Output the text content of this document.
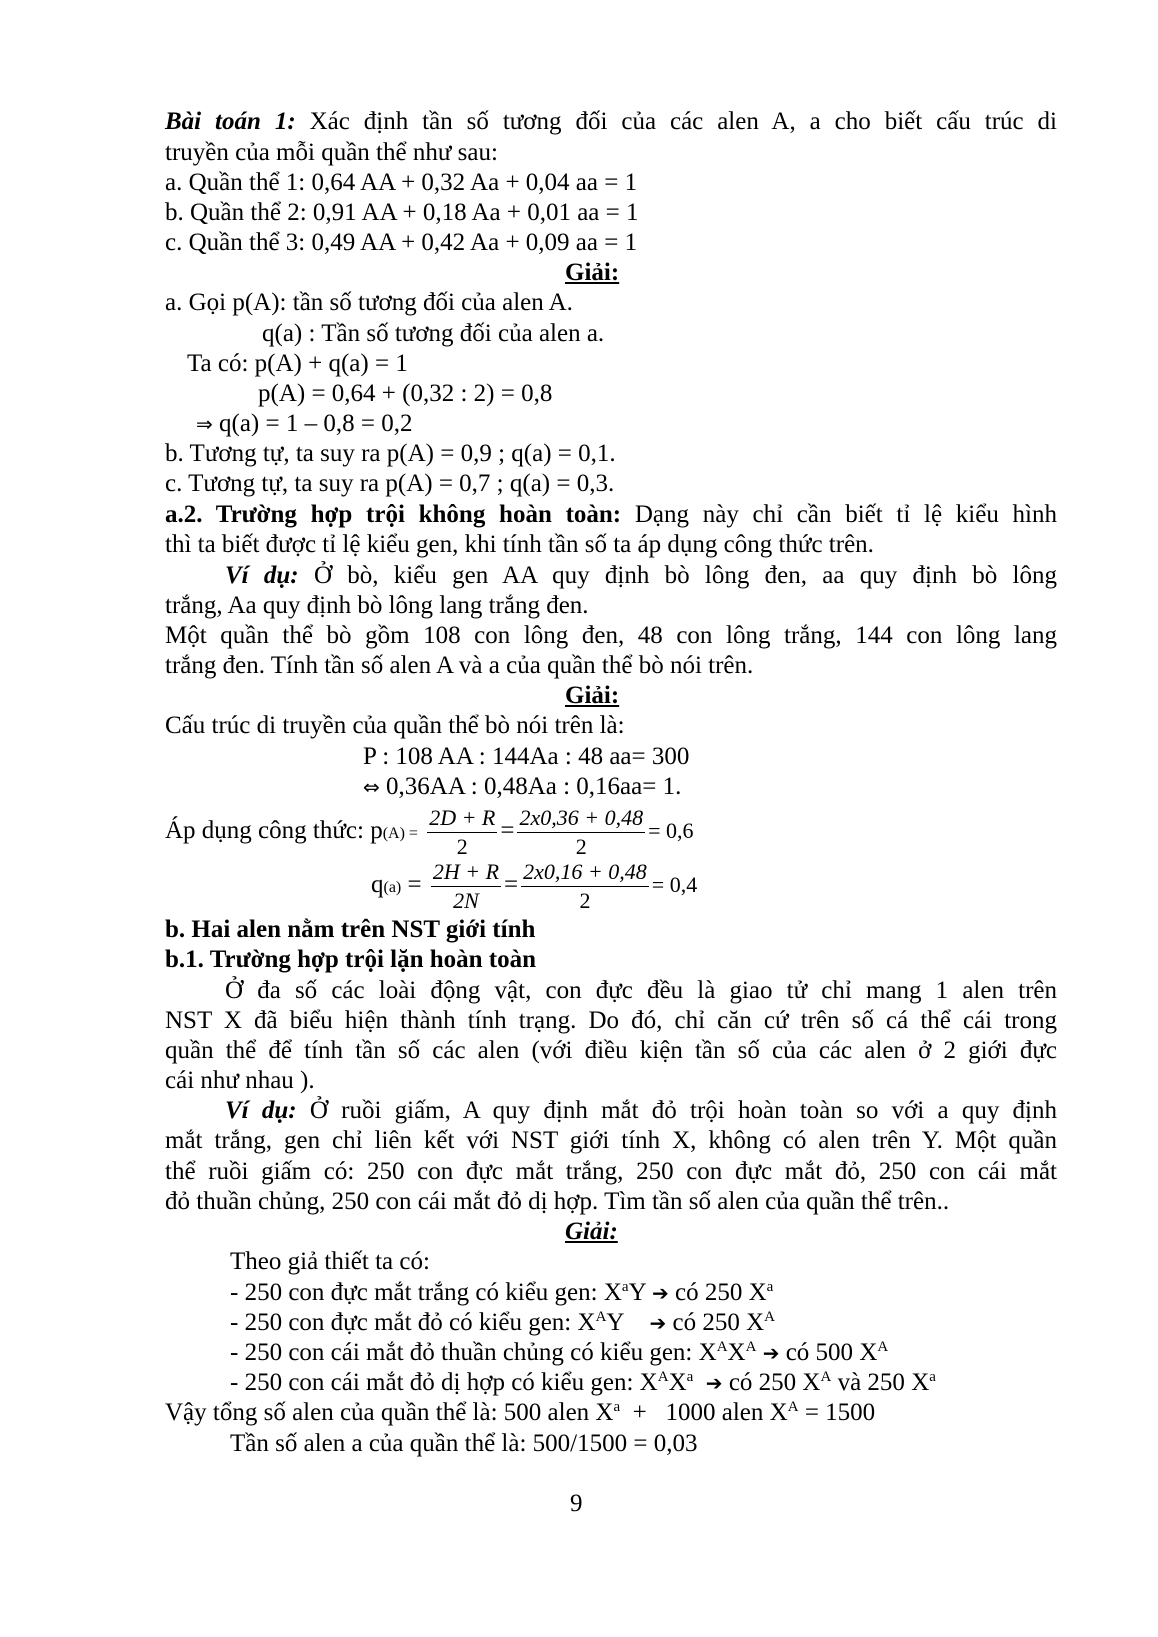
Bài toán 1: Xác định tần số tương đối của các alen A, a cho biết cấu trúc di
truyền của mỗi quần thể như sau:
a. Quần thể 1: 0,64 AA + 0,32 Aa + 0,04 aa = 1
b. Quần thể 2: 0,91 AA + 0,18 Aa + 0,01 aa = 1
c. Quần thể 3: 0,49 AA + 0,42 Aa + 0,09 aa = 1
Giải:
a. Gọi p(A): tần số tương đối của alen A.
q(a) : Tần số tương đối của alen a.
Ta có: p(A) + q(a) = 1
p(A) = 0,64 + (0,32 : 2) = 0,8
⇒ q(a) = 1 – 0,8 = 0,2
b. Tương tự, ta suy ra p(A) = 0,9 ; q(a) = 0,1.
c. Tương tự, ta suy ra p(A) = 0,7 ; q(a) = 0,3.
a.2. Trường hợp trội không hoàn toàn: Dạng này chỉ cần biết tỉ lệ kiểu hình
thì ta biết được tỉ lệ kiểu gen, khi tính tần số ta áp dụng công thức trên.
Ví dụ: Ở bò, kiểu gen AA quy định bò lông đen, aa quy định bò lông
trắng, Aa quy định bò lông lang trắng đen.
Một quần thể bò gồm 108 con lông đen, 48 con lông trắng, 144 con lông lang
trắng đen. Tính tần số alen A và a của quần thể bò nói trên.
Giải:
Cấu trúc di truyền của quần thể bò nói trên là:
P : 108 AA : 144Aa : 48 aa= 300
⇔ 0,36AA : 0,48Aa : 0,16aa= 1.
Áp dụng công thức: $p(A) = \frac{2D + R}{2} = \frac{2x0,36 + 0,48}{2} = 0,6$
$q(a) = \frac{2H + R}{2N} = \frac{2x0,16 + 0,48}{2} = 0,4$
b. Hai alen nằm trên NST giới tính
b.1. Trường hợp trội lặn hoàn toàn
Ở đa số các loài động vật, con đực đều là giao tử chỉ mang 1 alen trên
NST X đã biểu hiện thành tính trạng. Do đó, chỉ căn cứ trên số cá thể cái trong
quần thể để tính tần số các alen (với điều kiện tần số của các alen ở 2 giới đực
cái như nhau ).
Ví dụ: Ở ruồi giấm, A quy định mắt đỏ trội hoàn toàn so với a quy định
mắt trắng, gen chỉ liên kết với NST giới tính X, không có alen trên Y. Một quần
thể ruồi giấm có: 250 con đực mắt trắng, 250 con đực mắt đỏ, 250 con cái mắt
đỏ thuần chủng, 250 con cái mắt đỏ dị hợp. Tìm tần số alen của quần thể trên..
Giải:
Theo giả thiết ta có:
- 250 con đực mắt trắng có kiểu gen: $X^aY$ ➔ có 250 $X^a$
- 250 con đực mắt đỏ có kiểu gen: $X^AY$ ➔ có 250 $X^A$
- 250 con cái mắt đỏ thuần chủng có kiểu gen: $X^AX^A$ ➔ có 500 $X^A$
- 250 con cái mắt đỏ dị hợp có kiểu gen: $X^AX^a$ ➔ có 250 $X^A$ và 250 $X^a$
Vậy tổng số alen của quần thể là: 500 alen $X^a + 1000$ alen $X^A = 1500$
Tần số alen a của quần thể là: 500/1500 = 0,03
9
